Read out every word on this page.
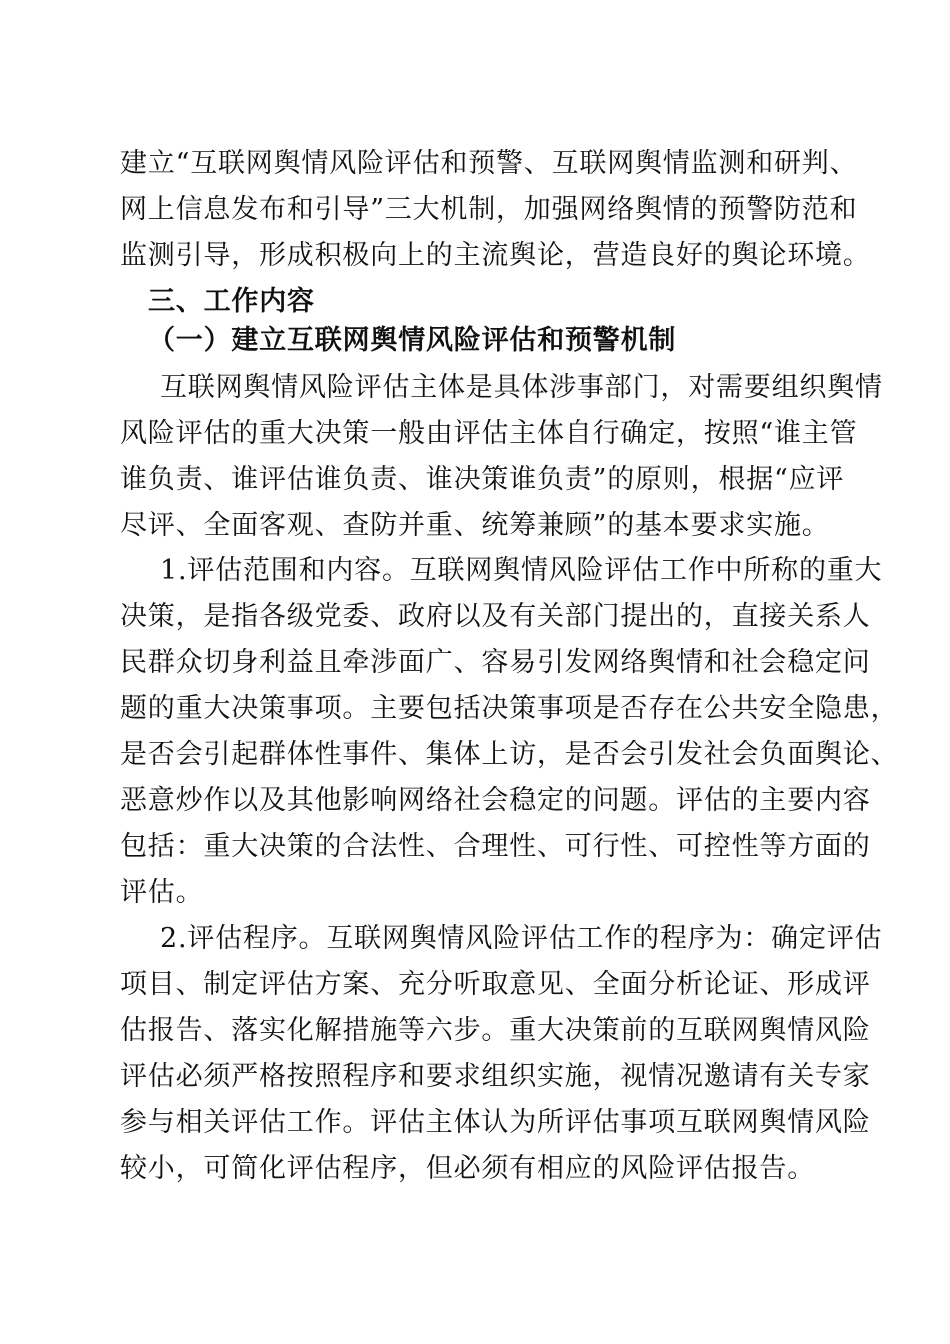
建立“互联网舆情风险评估和预警、互联网舆情监测和研判、
网上信息发布和引导”三大机制，加强网络舆情的预警防范和
监测引导，形成积极向上的主流舆论，营造良好的舆论环境。
三、工作内容
（一）建立互联网舆情风险评估和预警机制
互联网舆情风险评估主体是具体涉事部门，对需要组织舆情
风险评估的重大决策一般由评估主体自行确定，按照“谁主管
谁负责、谁评估谁负责、谁决策谁负责”的原则，根据“应评
尽评、全面客观、查防并重、统筹兼顾”的基本要求实施。
1.评估范围和内容。互联网舆情风险评估工作中所称的重大
决策，是指各级党委、政府以及有关部门提出的，直接关系人
民群众切身利益且牵涉面广、容易引发网络舆情和社会稳定问
题的重大决策事项。主要包括决策事项是否存在公共安全隐患，
是否会引起群体性事件、集体上访，是否会引发社会负面舆论、
恶意炒作以及其他影响网络社会稳定的问题。评估的主要内容
包括：重大决策的合法性、合理性、可行性、可控性等方面的
评估。
2.评估程序。互联网舆情风险评估工作的程序为：确定评估
项目、制定评估方案、充分听取意见、全面分析论证、形成评
估报告、落实化解措施等六步。重大决策前的互联网舆情风险
评估必须严格按照程序和要求组织实施，视情况邀请有关专家
参与相关评估工作。评估主体认为所评估事项互联网舆情风险
较小，可简化评估程序，但必须有相应的风险评估报告。
